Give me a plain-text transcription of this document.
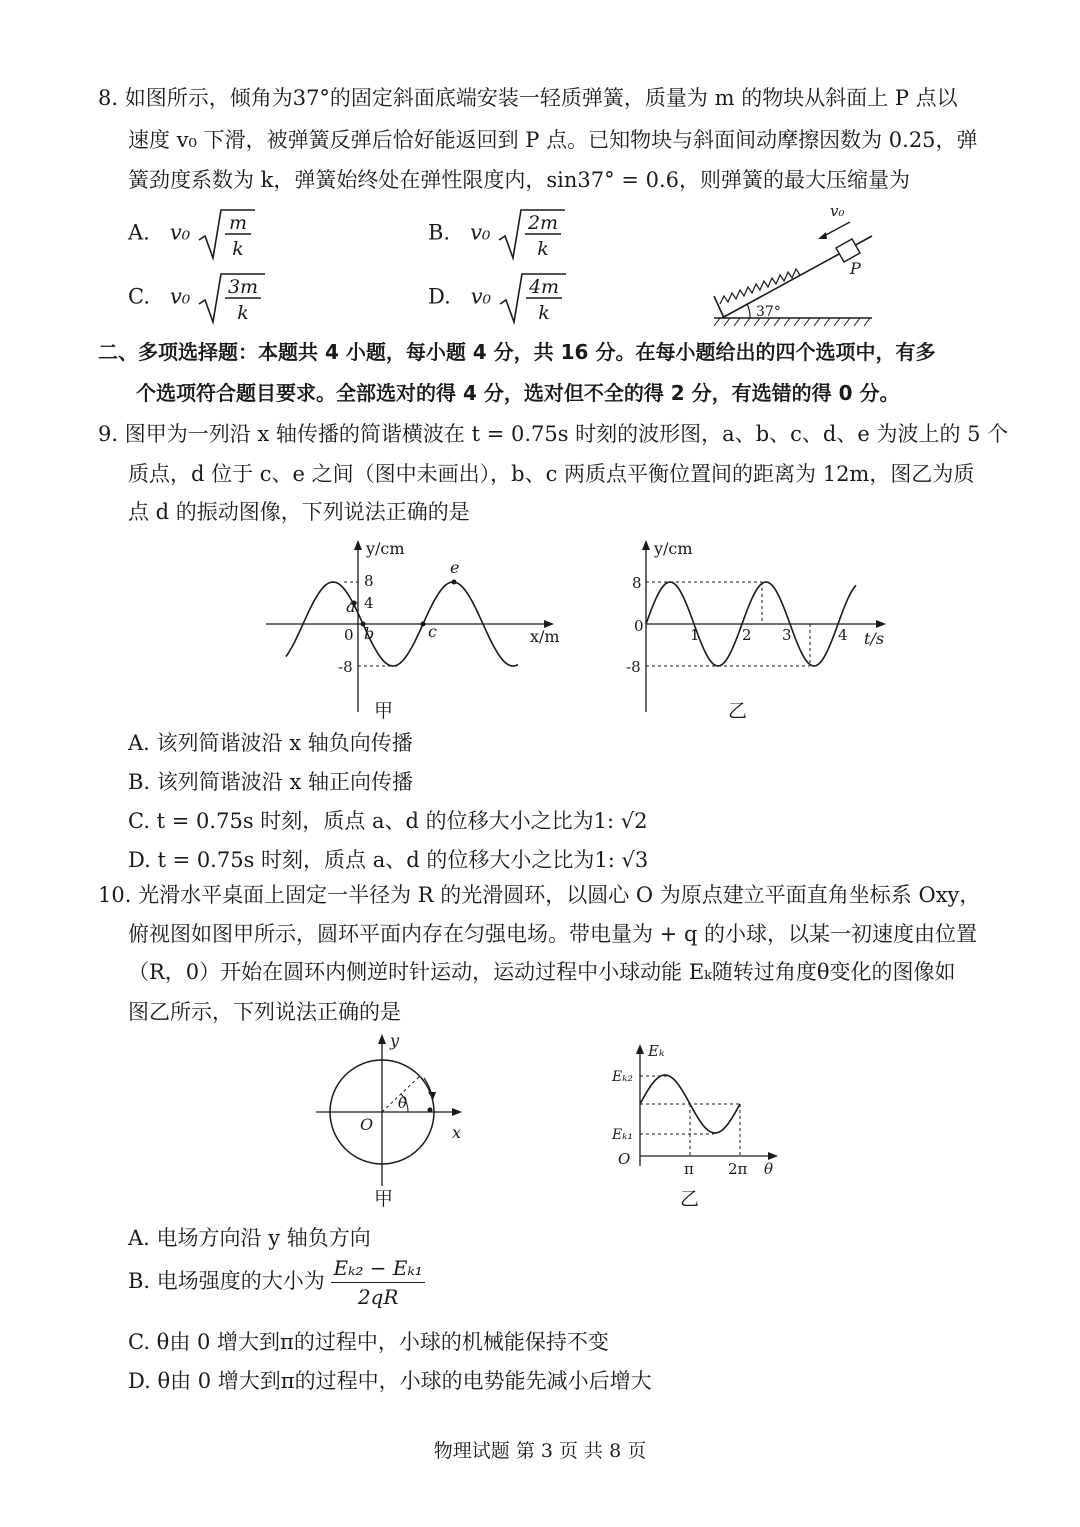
8. 如图所示，倾角为37°的固定斜面底端安装一轻质弹簧，质量为 m 的物块从斜面上 P 点以
速度 v₀ 下滑，被弹簧反弹后恰好能返回到 P 点。已知物块与斜面间动摩擦因数为 0.25，弹
簧劲度系数为 k，弹簧始终处在弹性限度内，sin37° = 0.6，则弹簧的最大压缩量为
A. v₀ m
k
B. v₀ 2m
k
C. v₀ 3m
k
D. v₀ 4m
k
v₀
P
37°
二、多项选择题：本题共 4 小题，每小题 4 分，共 16 分。在每小题给出的四个选项中，有多
个选项符合题目要求。全部选对的得 4 分，选对但不全的得 2 分，有选错的得 0 分。
9. 图甲为一列沿 x 轴传播的简谐横波在 t = 0.75s 时刻的波形图，a、b、c、d、e 为波上的 5 个
质点，d 位于 c、e 之间（图中未画出），b、c 两质点平衡位置间的距离为 12m，图乙为质
点 d 的振动图像，下列说法正确的是
y/cm
x/m
8
4
0
-8
a
b	c
e
甲
y/cm
t/s
8
0
-8
1	2 3	4
乙
A. 该列简谐波沿 x 轴负向传播
B. 该列简谐波沿 x 轴正向传播
C. t = 0.75s 时刻，质点 a、d 的位移大小之比为1: √2
D. t = 0.75s 时刻，质点 a、d 的位移大小之比为1: √3
10. 光滑水平桌面上固定一半径为 R 的光滑圆环，以圆心 O 为原点建立平面直角坐标系 Oxy，
俯视图如图甲所示，圆环平面内存在匀强电场。带电量为 + q 的小球，以某一初速度由位置
（R，0）开始在圆环内侧逆时针运动，运动过程中小球动能 Eₖ随转过角度θ变化的图像如
图乙所示，下列说法正确的是
y
x
O
θ
甲
Eₖ
Eₖ₂
Eₖ₁
O
π 2π θ
乙
A. 电场方向沿 y 轴负方向
B. 电场强度的大小为 $\frac{\text{Eₖ₂ − Eₖ₁}}{2qR}$
C. θ由 0 增大到π的过程中，小球的机械能保持不变
D. θ由 0 增大到π的过程中，小球的电势能先减小后增大
物理试题 第 3 页 共 8 页
